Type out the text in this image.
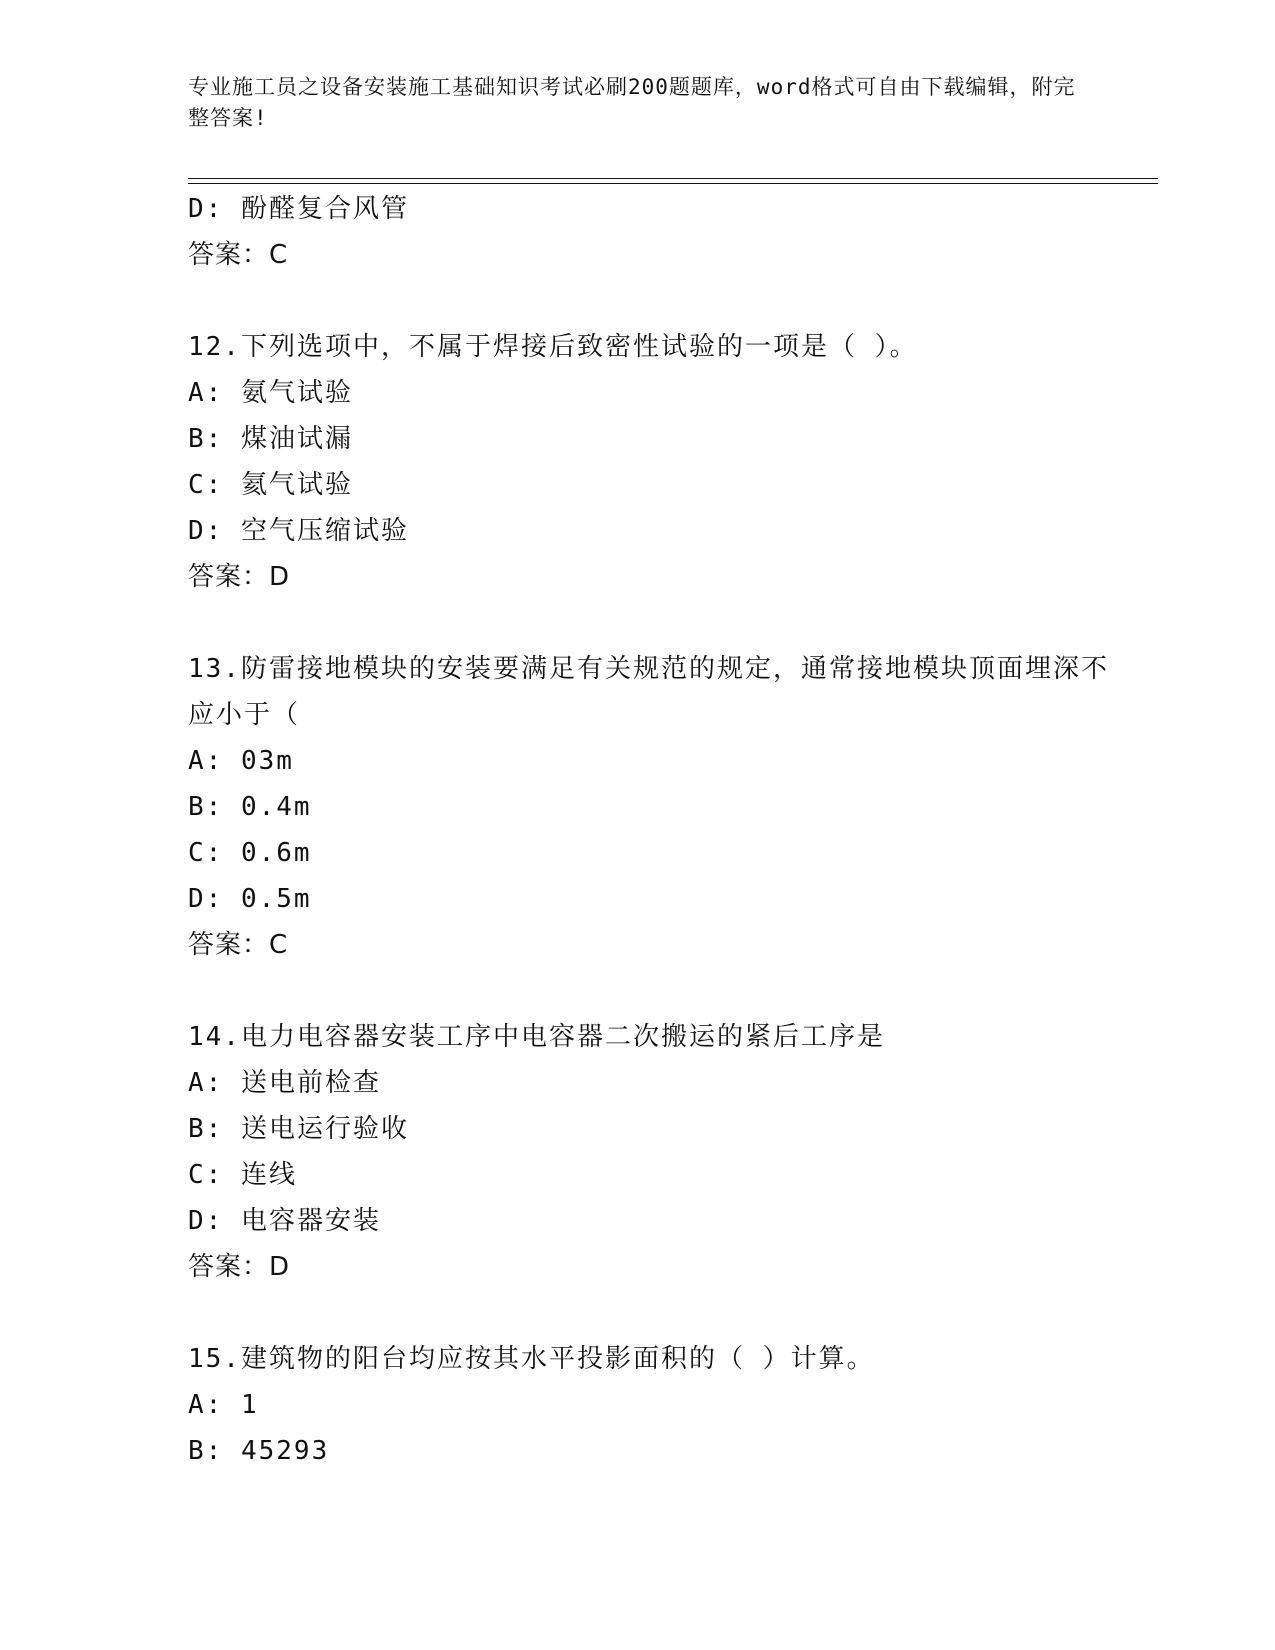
专业施工员之设备安装施工基础知识考试必刷200题题库，word格式可自由下载编辑，附完整答案!
D: 酚醛复合风管
答案：C
12.下列选项中，不属于焊接后致密性试验的一项是（ ）。
A: 氨气试验
B: 煤油试漏
C: 氦气试验
D: 空气压缩试验
答案：D
13.防雷接地模块的安装要满足有关规范的规定，通常接地模块顶面埋深不应小于（
A: 03m
B: 0.4m
C: 0.6m
D: 0.5m
答案：C
14.电力电容器安装工序中电容器二次搬运的紧后工序是
A: 送电前检查
B: 送电运行验收
C: 连线
D: 电容器安装
答案：D
15.建筑物的阳台均应按其水平投影面积的（ ）计算。
A: 1
B: 45293
